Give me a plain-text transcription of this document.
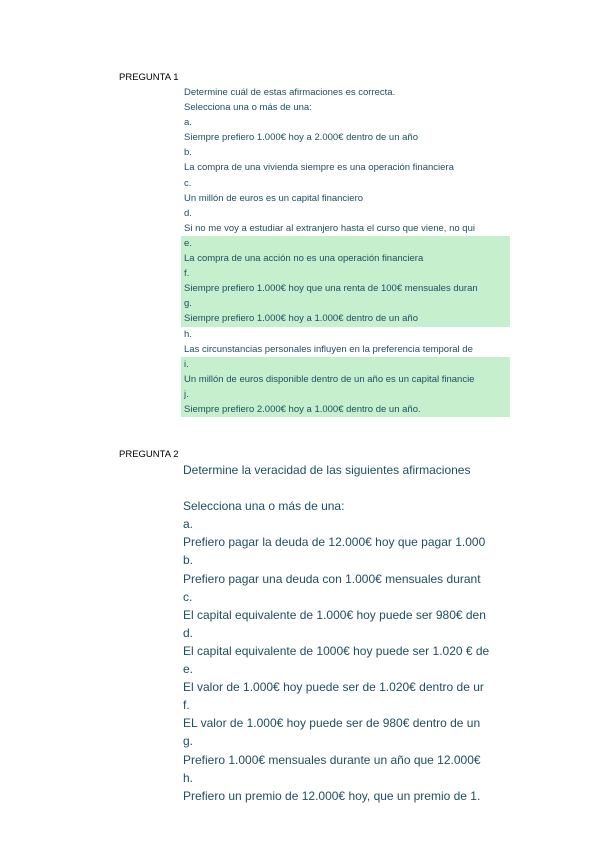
PREGUNTA 1
Determine cuál de estas afirmaciones es correcta.
Selecciona una o más de una:
a.
Siempre prefiero 1.000€ hoy a 2.000€ dentro de un año
b.
La compra de una vivienda siempre es una operación financiera
c.
Un millón de euros es un capital financiero
d.
Si no me voy a estudiar al extranjero hasta el curso que viene, no qui
e.
La compra de una acción no es una operación financiera
f.
Siempre prefiero 1.000€ hoy que una renta de 100€ mensuales duran
g.
Siempre prefiero 1.000€ hoy a 1.000€ dentro de un año
h.
Las circunstancias personales influyen en la preferencia temporal de
i.
Un millón de euros disponible dentro de un año es un capital financie
j.
Siempre prefiero 2.000€ hoy a 1.000€ dentro de un año.
PREGUNTA 2
Determine la veracidad de las siguientes afirmaciones
Selecciona una o más de una:
a.
Prefiero pagar la deuda de 12.000€ hoy que pagar 1.000
b.
Prefiero pagar una deuda con 1.000€ mensuales durant
c.
El capital equivalente de 1.000€ hoy puede ser 980€ den
d.
El capital equivalente de 1000€ hoy puede ser 1.020 € de
e.
El valor de 1.000€ hoy puede ser de 1.020€ dentro de ur
f.
EL valor de 1.000€ hoy puede ser de 980€ dentro de un
g.
Prefiero 1.000€ mensuales durante un año que 12.000€
h.
Prefiero un premio de 12.000€ hoy, que un premio de 1.
